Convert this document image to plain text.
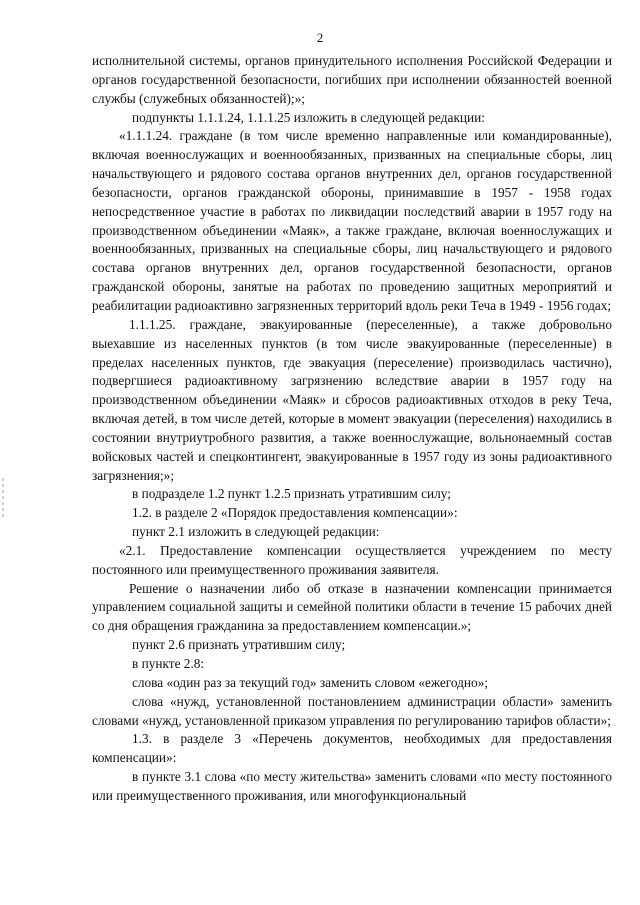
2

исполнительной системы, органов принудительного исполнения Российской Федерации и органов государственной безопасности, погибших при исполнении обязанностей военной службы (служебных обязанностей);»;

подпункты 1.1.1.24, 1.1.1.25 изложить в следующей редакции:

«1.1.1.24. граждане (в том числе временно направленные или командированные), включая военнослужащих и военнообязанных, призванных на специальные сборы, лиц начальствующего и рядового состава органов внутренних дел, органов государственной безопасности, органов гражданской обороны, принимавшие в 1957 - 1958 годах непосредственное участие в работах по ликвидации последствий аварии в 1957 году на производственном объединении «Маяк», а также граждане, включая военнослужащих и военнообязанных, призванных на специальные сборы, лиц начальствующего и рядового состава органов внутренних дел, органов государственной безопасности, органов гражданской обороны, занятые на работах по проведению защитных мероприятий и реабилитации радиоактивно загрязненных территорий вдоль реки Теча в 1949 - 1956 годах;

1.1.1.25. граждане, эвакуированные (переселенные), а также добровольно выехавшие из населенных пунктов (в том числе эвакуированные (переселенные) в пределах населенных пунктов, где эвакуация (переселение) производилась частично), подвергшиеся радиоактивному загрязнению вследствие аварии в 1957 году на производственном объединении «Маяк» и сбросов радиоактивных отходов в реку Теча, включая детей, в том числе детей, которые в момент эвакуации (переселения) находились в состоянии внутриутробного развития, а также военнослужащие, вольнонаемный состав войсковых частей и спецконтингент, эвакуированные в 1957 году из зоны радиоактивного загрязнения;»;

в подразделе 1.2 пункт 1.2.5 признать утратившим силу;

1.2. в разделе 2 «Порядок предоставления компенсации»:

пункт 2.1 изложить в следующей редакции:

«2.1. Предоставление компенсации осуществляется учреждением по месту постоянного или преимущественного проживания заявителя.

Решение о назначении либо об отказе в назначении компенсации принимается управлением социальной защиты и семейной политики области в течение 15 рабочих дней со дня обращения гражданина за предоставлением компенсации.»;

пункт 2.6 признать утратившим силу;

в пункте 2.8:

слова «один раз за текущий год» заменить словом «ежегодно»;

слова «нужд, установленной постановлением администрации области» заменить словами «нужд, установленной приказом управления по регулированию тарифов области»;

1.3. в разделе 3 «Перечень документов, необходимых для предоставления компенсации»:

в пункте 3.1 слова «по месту жительства» заменить словами «по месту постоянного или преимущественного проживания, или многофункциональный
